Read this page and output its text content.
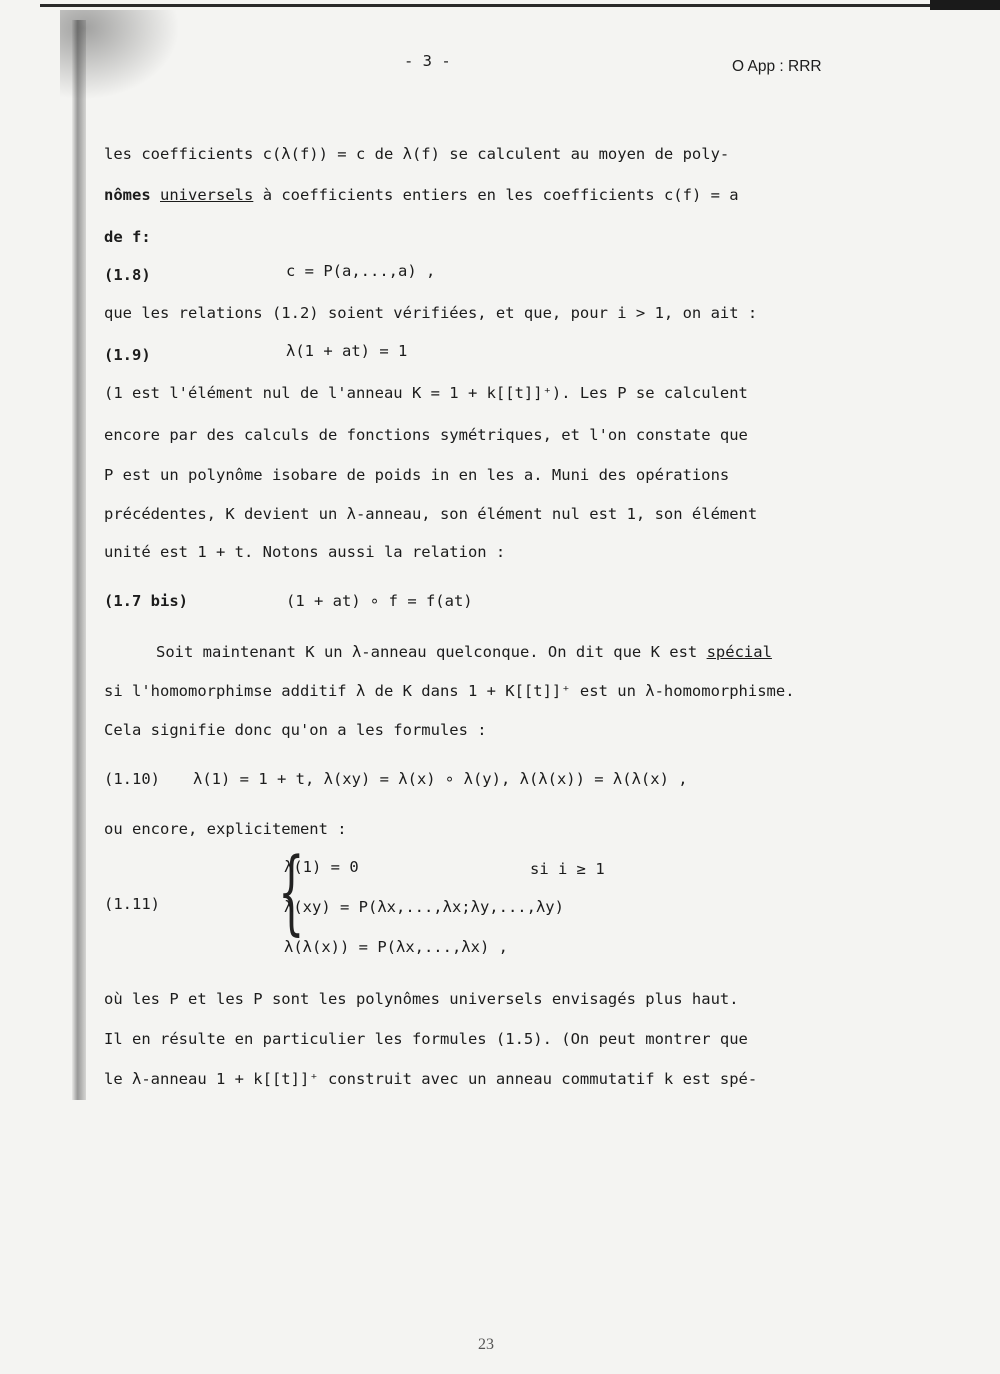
- 3 -	O App : RRR
les coefficients c(λ(f)) = c de λ(f) se calculent au moyen de poly-
nômes universels à coefficients entiers en les coefficients c(f) = a
de f:
(1.8)	c = P(a,...,a) ,
que les relations (1.2) soient vérifiées, et que, pour i > 1, on ait :
(1.9)	λ(1 + at) = 1
(1 est l'élément nul de l'anneau K = 1 + k[[t]]⁺). Les P se calculent
encore par des calculs de fonctions symétriques, et l'on constate que
P est un polynôme isobare de poids in en les a. Muni des opérations
précédentes, K devient un λ-anneau, son élément nul est 1, son élément
unité est 1 + t. Notons aussi la relation :
(1.7 bis)	(1 + at) ∘ f = f(at)
Soit maintenant K un λ-anneau quelconque. On dit que K est spécial
si l'homomorphimse additif λ de K dans 1 + K[[t]]⁺ est un λ-homomorphisme.
Cela signifie donc qu'on a les formules :
(1.10) λ(1) = 1 + t, λ(xy) = λ(x) ∘ λ(y), λ(λ(x)) = λ(λ(x) ,
ou encore, explicitement :
{
(1.11)
λ(1) = 0	si i ≥ 1
λ(xy) = P(λx,...,λx;λy,...,λy)
λ(λ(x)) = P(λx,...,λx) ,
où les P et les P sont les polynômes universels envisagés plus haut.
Il en résulte en particulier les formules (1.5). (On peut montrer que
le λ-anneau 1 + k[[t]]⁺ construit avec un anneau commutatif k est spé-
23
